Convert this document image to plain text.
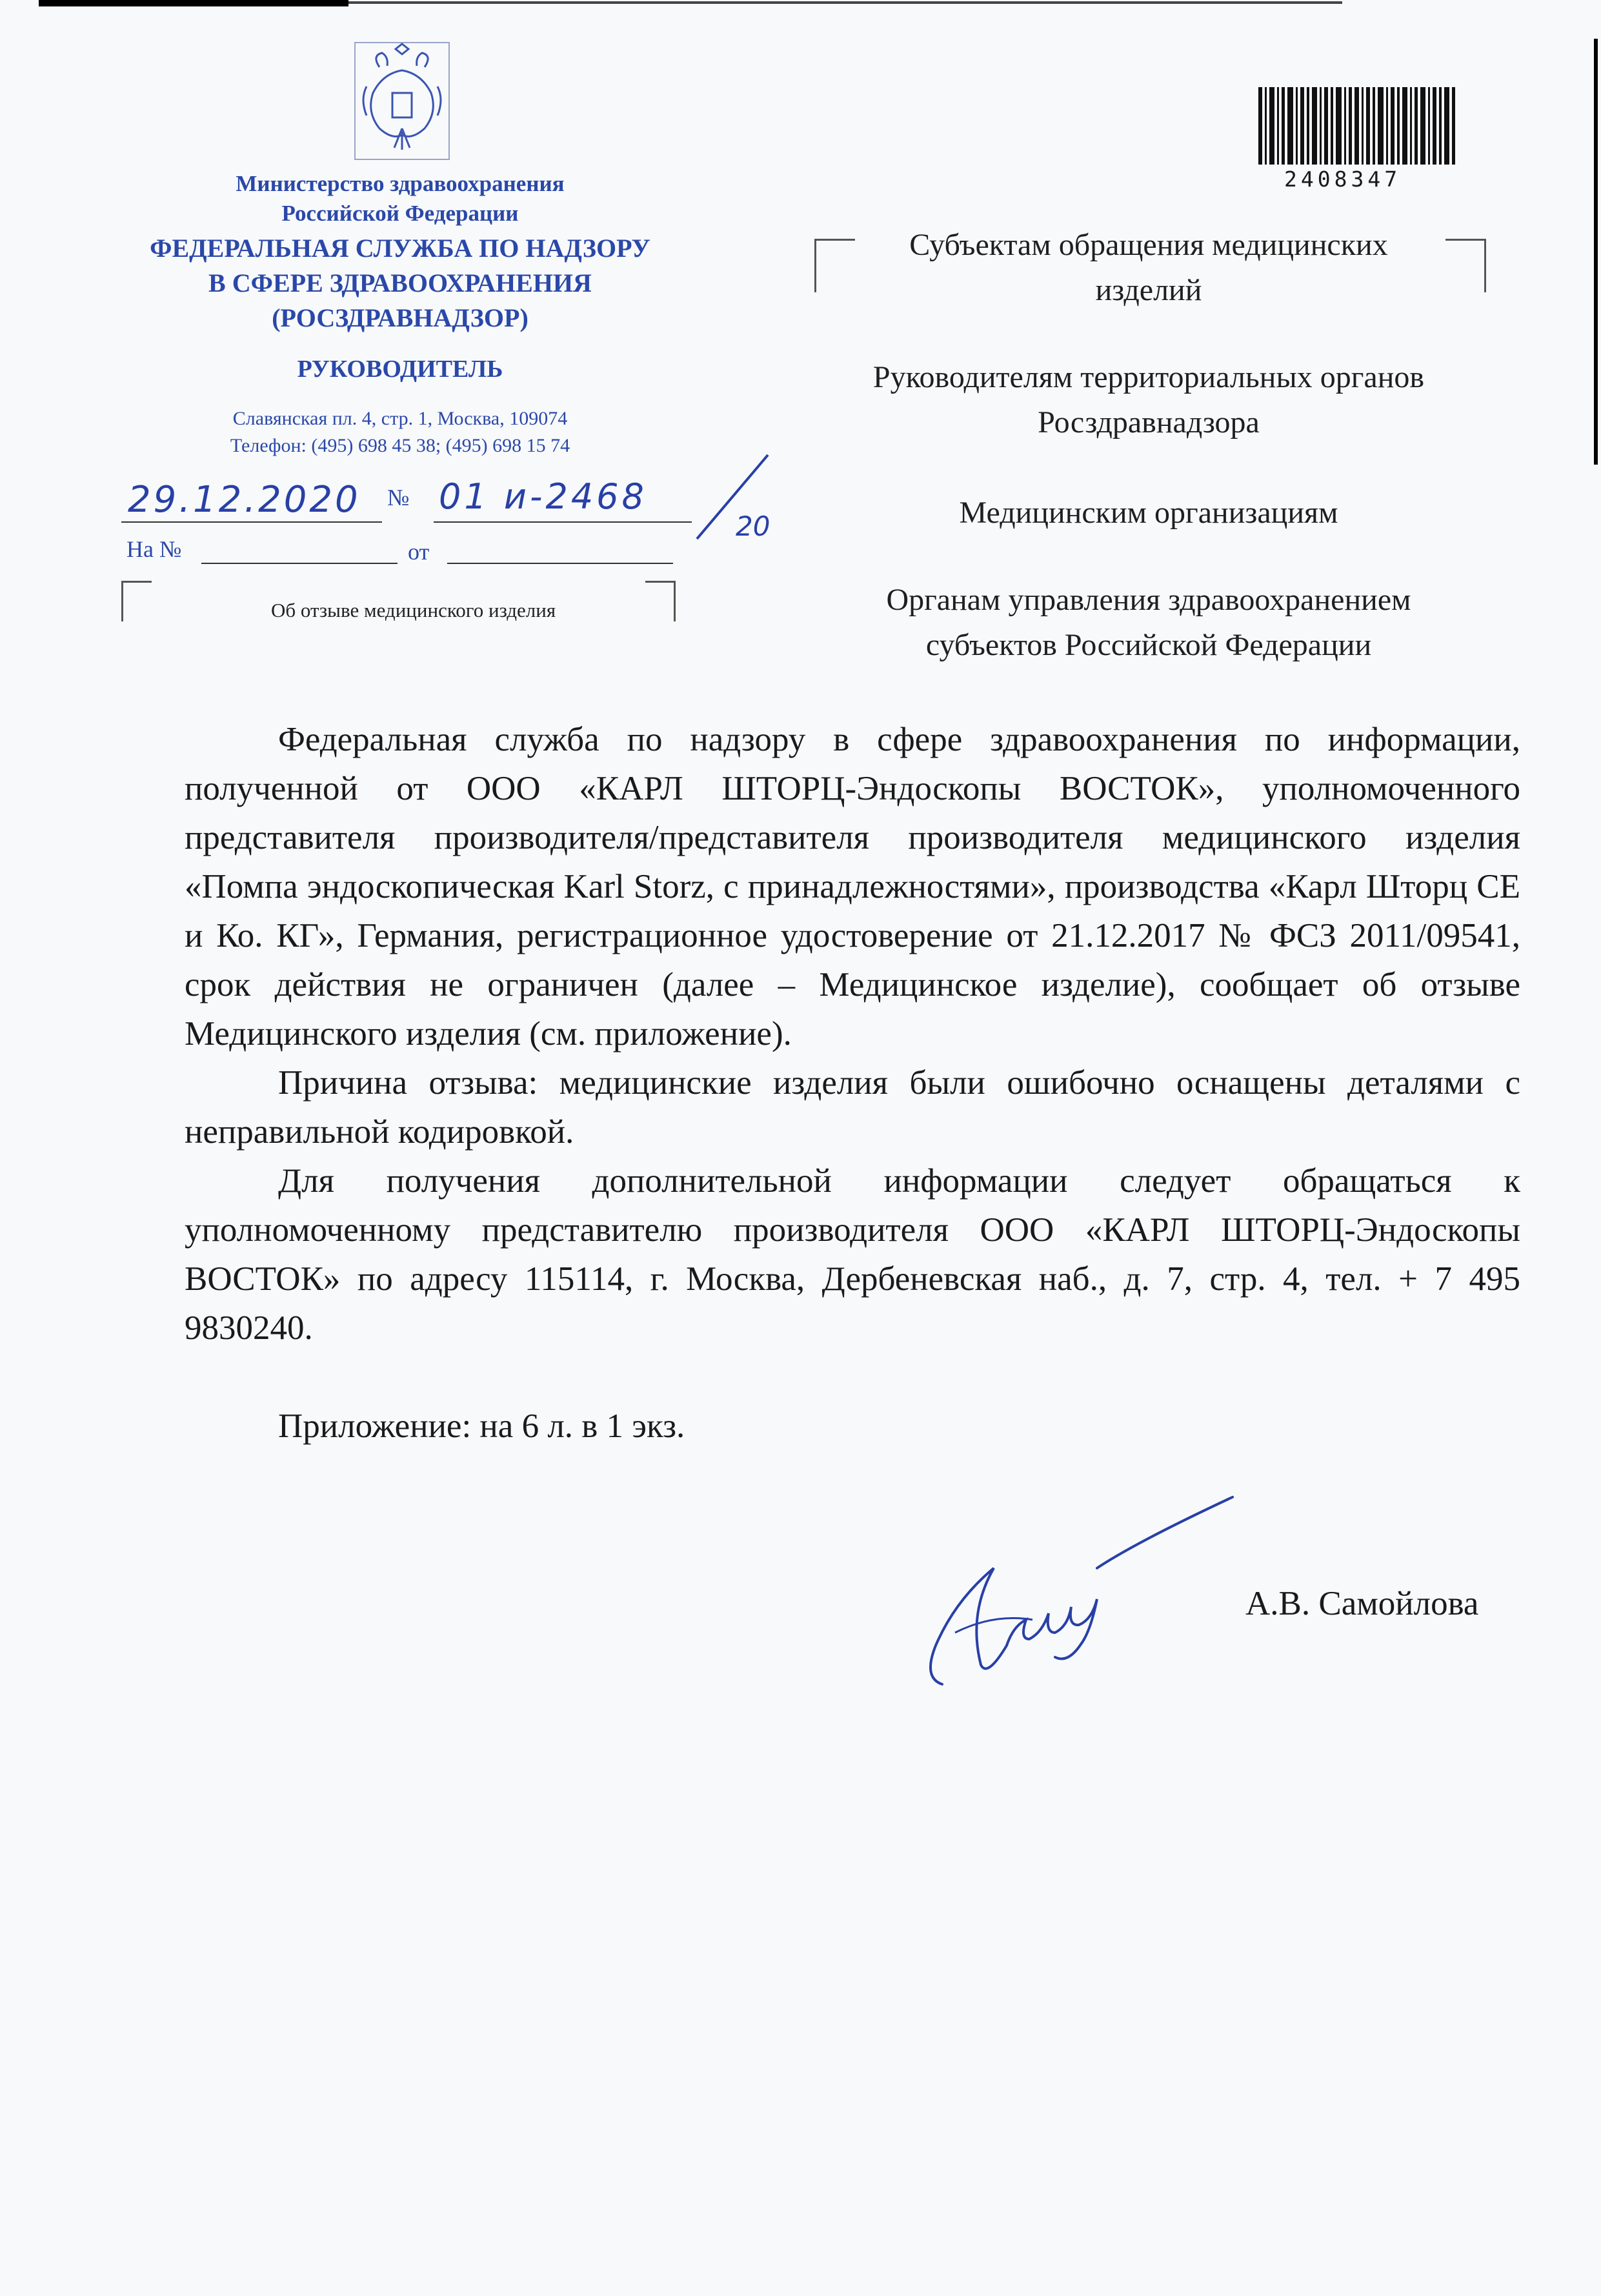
Министерство здравоохранения
Российской Федерации
ФЕДЕРАЛЬНАЯ СЛУЖБА ПО НАДЗОРУ
В СФЕРЕ ЗДРАВООХРАНЕНИЯ
(РОСЗДРАВНАДЗОР)
РУКОВОДИТЕЛЬ
Славянская пл. 4, стр. 1, Москва, 109074
Телефон: (495) 698 45 38; (495) 698 15 74
29.12.2020 № 01 и-2468
20
На №	от
Об отзыве медицинского изделия
2408347
Субъектам обращения медицинских
изделий
Руководителям территориальных органов
Росздравнадзора
Медицинским организациям
Органам управления здравоохранением
субъектов Российской Федерации

Федеральная служба по надзору в сфере здравоохранения по информации, полученной от ООО «КАРЛ ШТОРЦ-Эндоскопы ВОСТОК», уполномоченного представителя производителя/представителя производителя медицинского изделия «Помпа эндоскопическая Karl Storz, с принадлежностями», производства «Карл Шторц СЕ и Ко. КГ», Германия, регистрационное удостоверение от 21.12.2017 № ФСЗ 2011/09541, срок действия не ограничен (далее – Медицинское изделие), сообщает об отзыве Медицинского изделия (см. приложение).

Причина отзыва: медицинские изделия были ошибочно оснащены деталями с неправильной кодировкой.

Для получения дополнительной информации следует обращаться к уполномоченному представителю производителя ООО «КАРЛ ШТОРЦ-Эндоскопы ВОСТОК» по адресу 115114, г. Москва, Дербеневская наб., д. 7, стр. 4, тел. + 7 495 9830240.

Приложение: на 6 л. в 1 экз.
А.В. Самойлова
